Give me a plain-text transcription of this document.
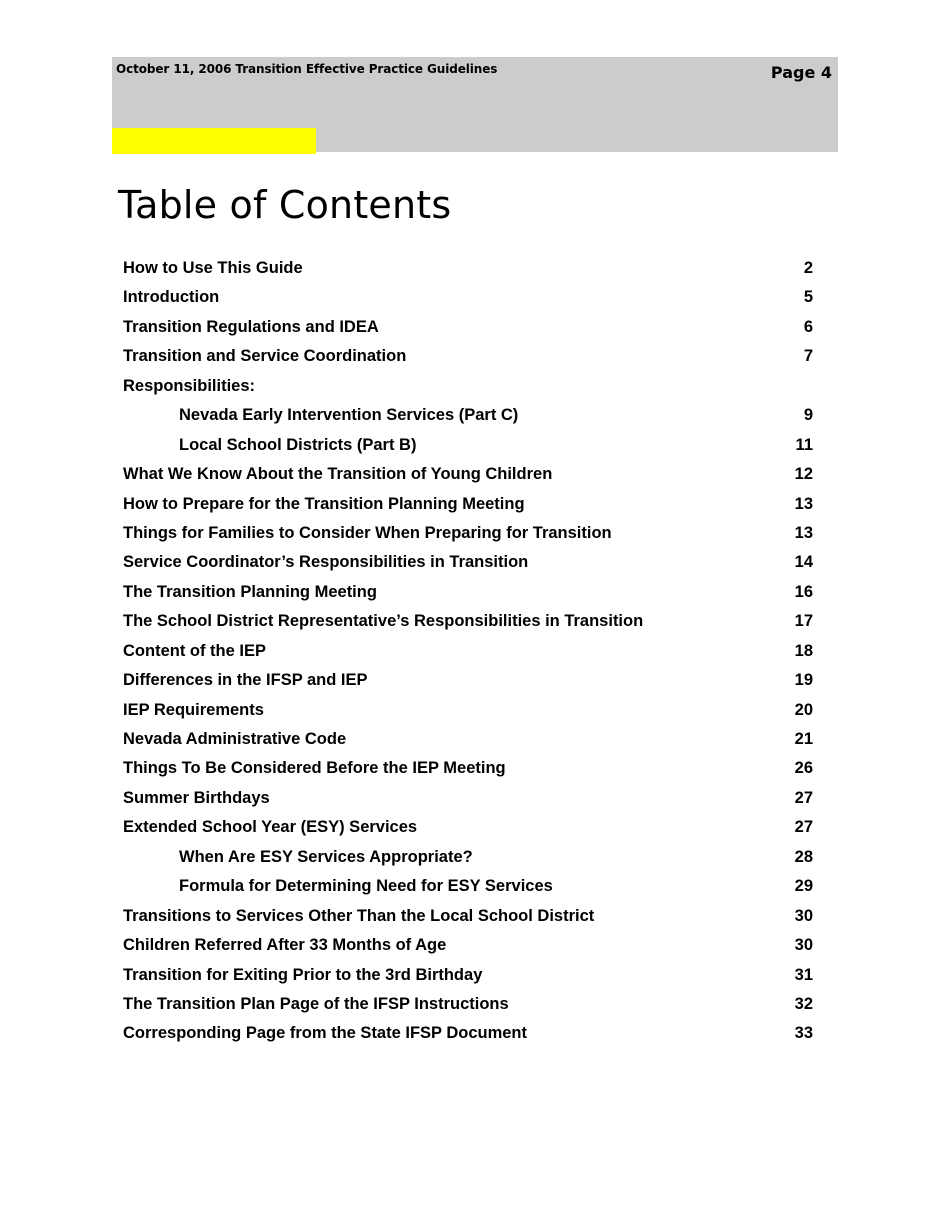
October 11, 2006 Transition Effective Practice Guidelines	Page 4
Table of Contents
How to Use This Guide	2
Introduction	5
Transition Regulations and IDEA	6
Transition and Service Coordination	7
Responsibilities:
Nevada Early Intervention Services (Part C)	9
Local School Districts (Part B)	11
What We Know About the Transition of Young Children	12
How to Prepare for the Transition Planning Meeting	13
Things for Families to Consider When Preparing for Transition	13
Service Coordinator’s Responsibilities in Transition	14
The Transition Planning Meeting	16
The School District Representative’s Responsibilities in Transition	17
Content of the IEP	18
Differences in the IFSP and IEP	19
IEP Requirements	20
Nevada Administrative Code	21
Things To Be Considered Before the IEP Meeting	26
Summer Birthdays	27
Extended School Year (ESY) Services	27
When Are ESY Services Appropriate?	28
Formula for Determining Need for ESY Services	29
Transitions to Services Other Than the Local School District	30
Children Referred After 33 Months of Age	30
Transition for Exiting Prior to the 3rd Birthday	31
The Transition Plan Page of the IFSP Instructions	32
Corresponding Page from the State IFSP Document	33
